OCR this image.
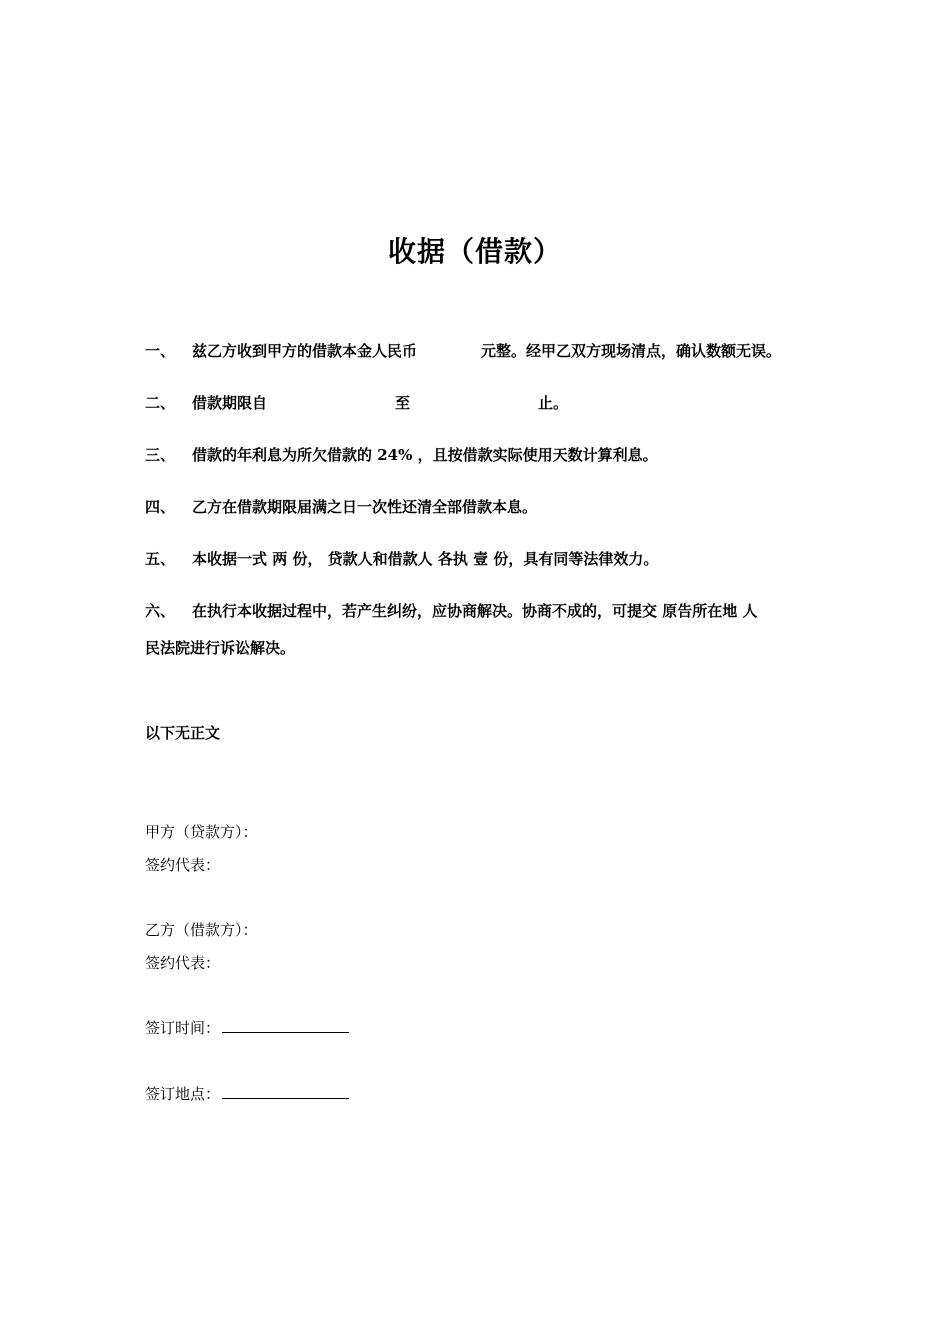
收据（借款）
一、 兹乙方收到甲方的借款本金人民币	元整。经甲乙双方现场清点，确认数额无误。
二、 借款期限自	至	止。
三、 借款的年利息为所欠借款的 24% ，且按借款实际使用天数计算利息。
四、 乙方在借款期限届满之日一次性还清全部借款本息。
五、 本收据一式 两 份， 贷款人和借款人 各执 壹 份，具有同等法律效力。
六、 在执行本收据过程中，若产生纠纷，应协商解决。协商不成的，可提交 原告所在地 人
民法院进行诉讼解决。
以下无正文
甲方（贷款方）：
签约代表：
乙方（借款方）：
签约代表：
签订时间：
签订地点：
